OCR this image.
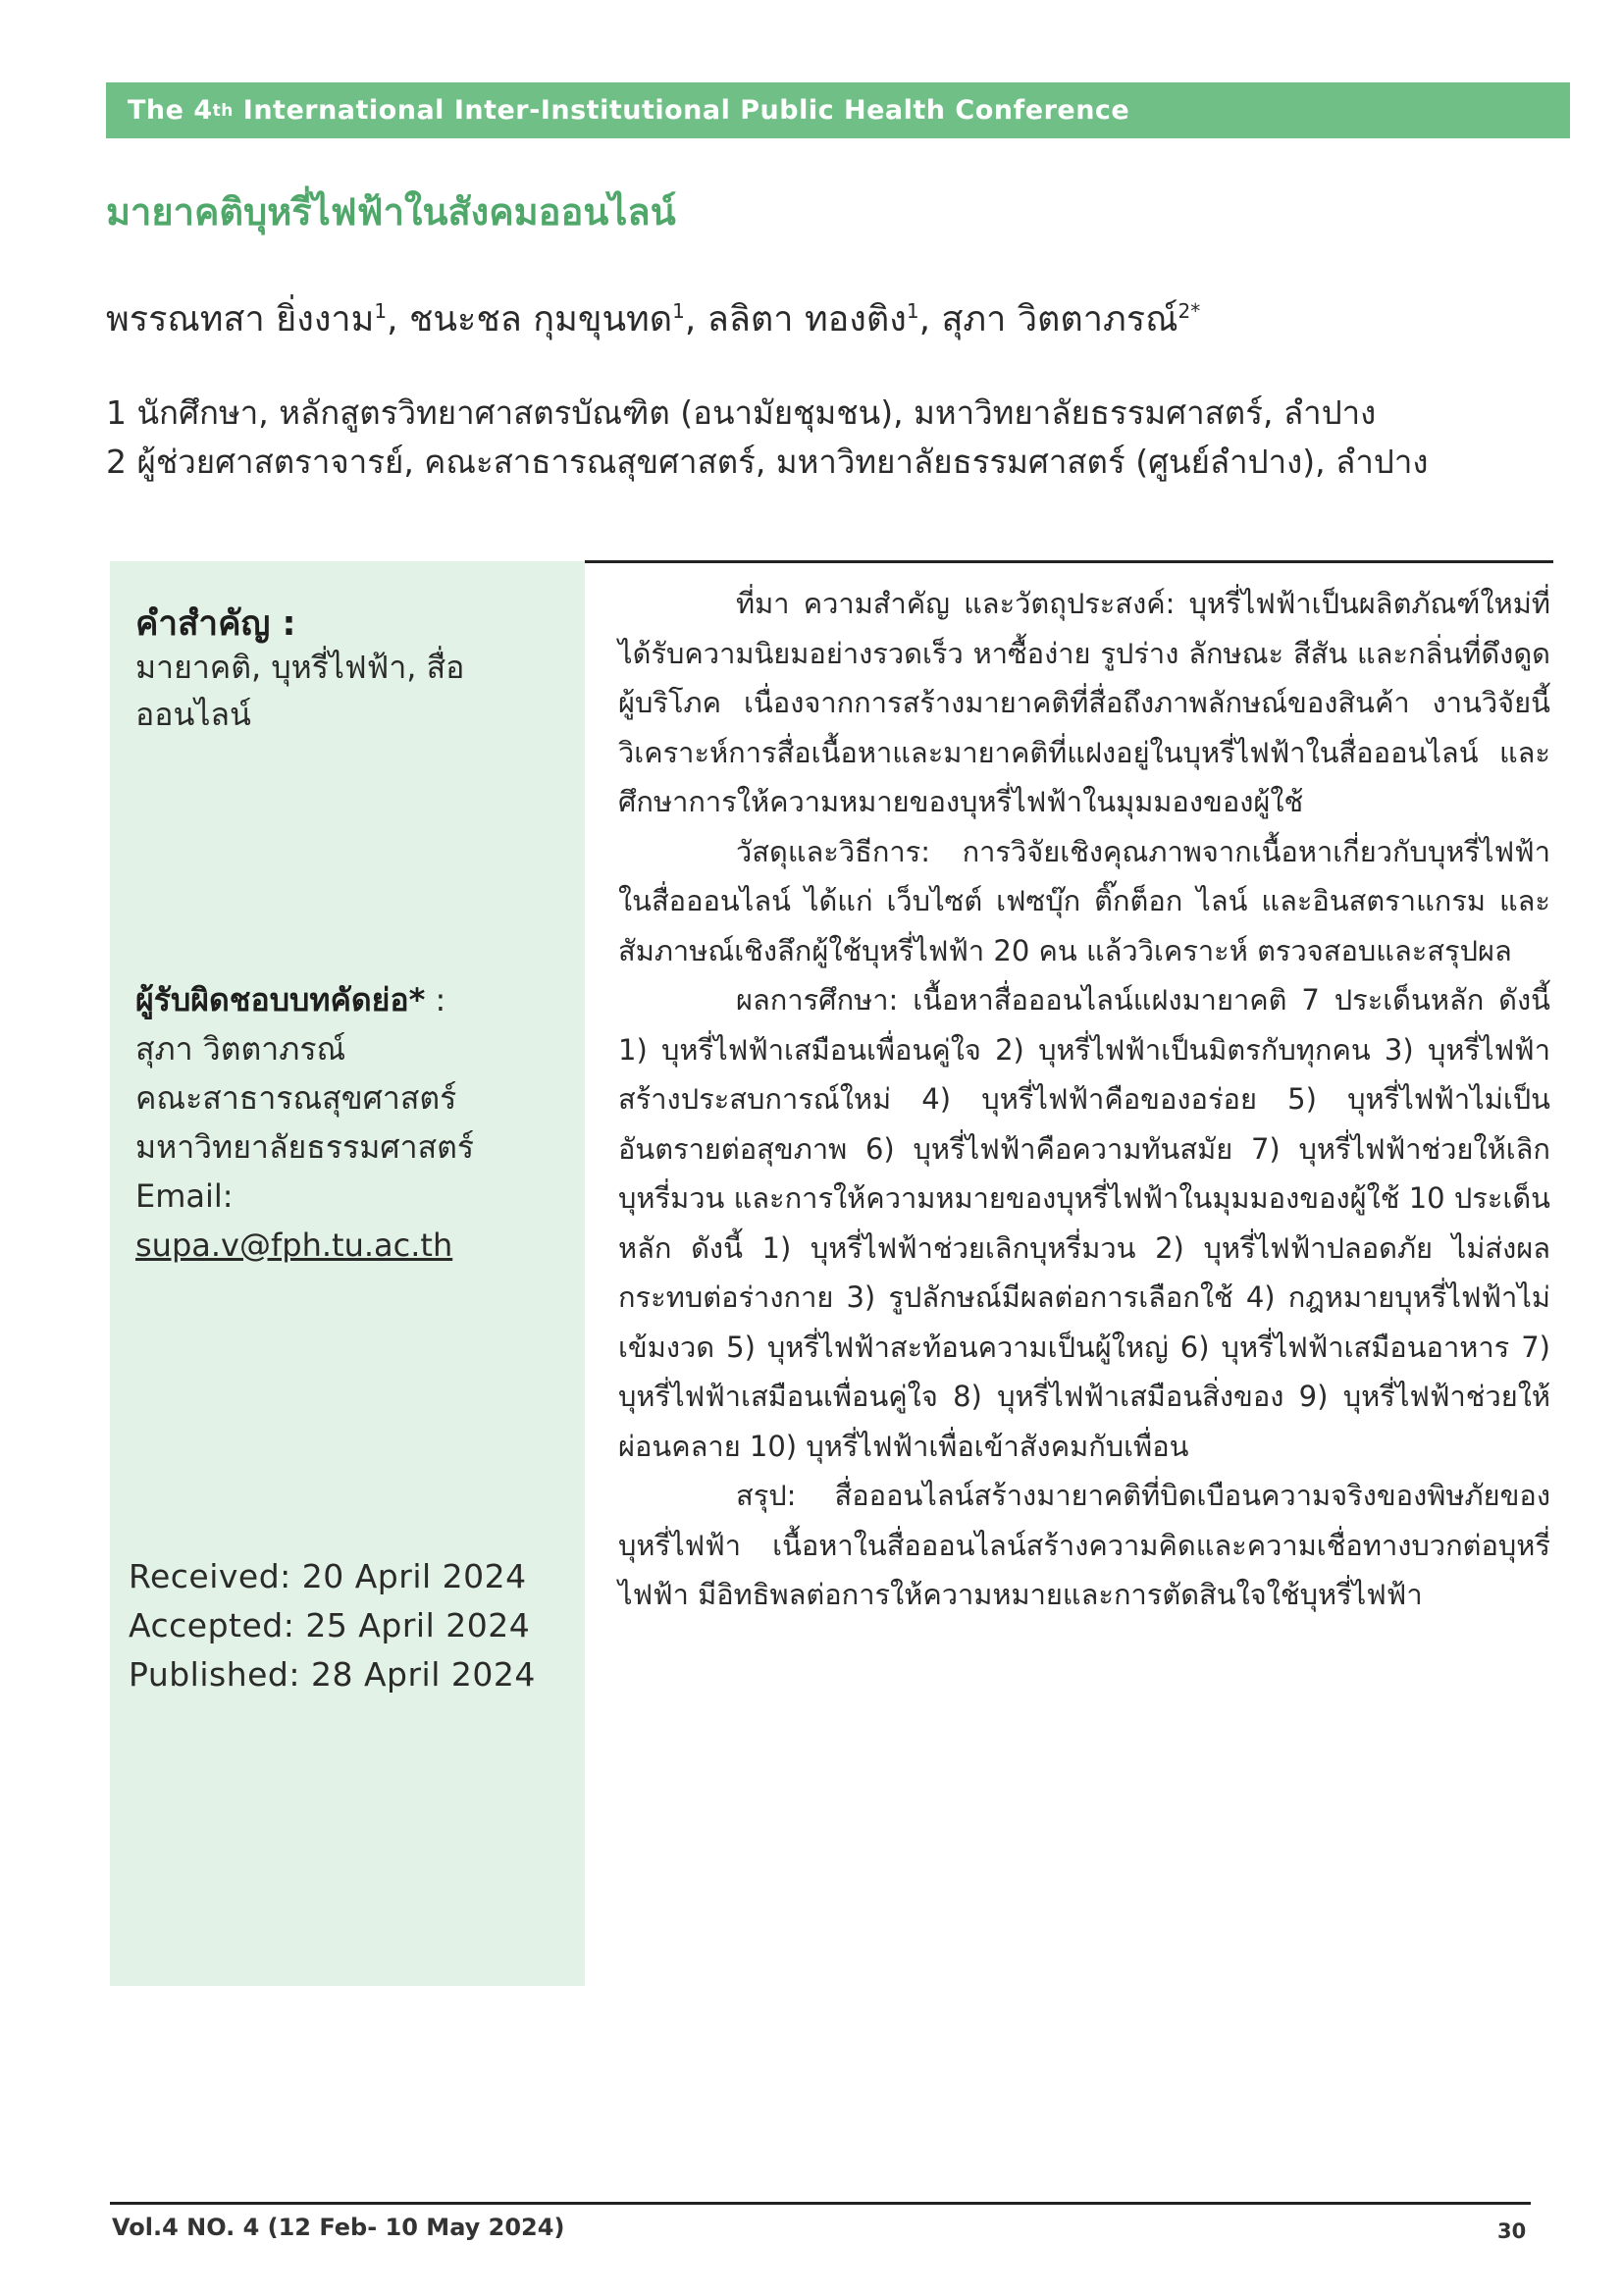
The 4 th International Inter-Institutional Public Health Conference
มายาคติบุหรี่ไฟฟ้าในสังคมออนไลน์

พรรณทสา ยิ่งงาม$^1$, ชนะชล กุมขุนทด$^1$, ลลิตา ทองติง$^1$, สุภา วิตตาภรณ์$^{2*}$

1 นักศึกษา, หลักสูตรวิทยาศาสตรบัณฑิต (อนามัยชุมชน), มหาวิทยาลัยธรรมศาสตร์, ลำปาง
2 ผู้ช่วยศาสตราจารย์, คณะสาธารณสุขศาสตร์, มหาวิทยาลัยธรรมศาสตร์ (ศูนย์ลำปาง), ลำปาง
คำสำคัญ :
มายาคติ, บุหรี่ไฟฟ้า, สื่อออนไลน์
ผู้รับผิดชอบบทคัดย่อ* :
สุภา วิตตาภรณ์
คณะสาธารณสุขศาสตร์
มหาวิทยาลัยธรรมศาสตร์
Email:
supa.v@fph.tu.ac.th
Received: 20 April 2024
Accepted: 25 April 2024
Published: 28 April 2024

ที่มา ความสำคัญ และวัตถุประสงค์: บุหรี่ไฟฟ้าเป็นผลิตภัณฑ์ใหม่ที่ได้รับความนิยมอย่างรวดเร็ว หาซื้อง่าย รูปร่าง ลักษณะ สีสัน และกลิ่นที่ดึงดูดผู้บริโภค เนื่องจากการสร้างมายาคติที่สื่อถึงภาพลักษณ์ของสินค้า งานวิจัยนี้วิเคราะห์การสื่อเนื้อหาและมายาคติที่แฝงอยู่ในบุหรี่ไฟฟ้าในสื่อออนไลน์ และศึกษาการให้ความหมายของบุหรี่ไฟฟ้าในมุมมองของผู้ใช้

วัสดุและวิธีการ: การวิจัยเชิงคุณภาพจากเนื้อหาเกี่ยวกับบุหรี่ไฟฟ้าในสื่อออนไลน์ ได้แก่ เว็บไซต์ เฟซบุ๊ก ติ๊กต็อก ไลน์ และอินสตราแกรม และสัมภาษณ์เชิงลึกผู้ใช้บุหรี่ไฟฟ้า 20 คน แล้ววิเคราะห์ ตรวจสอบและสรุปผล

ผลการศึกษา: เนื้อหาสื่อออนไลน์แฝงมายาคติ 7 ประเด็นหลัก ดังนี้ 1) บุหรี่ไฟฟ้าเสมือนเพื่อนคู่ใจ 2) บุหรี่ไฟฟ้าเป็นมิตรกับทุกคน 3) บุหรี่ไฟฟ้าสร้างประสบการณ์ใหม่ 4) บุหรี่ไฟฟ้าคือของอร่อย 5) บุหรี่ไฟฟ้าไม่เป็นอันตรายต่อสุขภาพ 6) บุหรี่ไฟฟ้าคือความทันสมัย 7) บุหรี่ไฟฟ้าช่วยให้เลิกบุหรี่มวน และการให้ความหมายของบุหรี่ไฟฟ้าในมุมมองของผู้ใช้ 10 ประเด็นหลัก ดังนี้ 1) บุหรี่ไฟฟ้าช่วยเลิกบุหรี่มวน 2) บุหรี่ไฟฟ้าปลอดภัย ไม่ส่งผล กระทบต่อร่างกาย 3) รูปลักษณ์มีผลต่อการเลือกใช้ 4) กฎหมายบุหรี่ไฟฟ้าไม่เข้มงวด 5) บุหรี่ไฟฟ้าสะท้อนความเป็นผู้ใหญ่ 6) บุหรี่ไฟฟ้าเสมือนอาหาร 7) บุหรี่ไฟฟ้าเสมือนเพื่อนคู่ใจ 8) บุหรี่ไฟฟ้าเสมือนสิ่งของ 9) บุหรี่ไฟฟ้าช่วยให้ผ่อนคลาย 10) บุหรี่ไฟฟ้าเพื่อเข้าสังคมกับเพื่อน

สรุป: สื่อออนไลน์สร้างมายาคติที่บิดเบือนความจริงของพิษภัยของบุหรี่ไฟฟ้า เนื้อหาในสื่อออนไลน์สร้างความคิดและความเชื่อทางบวกต่อบุหรี่ไฟฟ้า มีอิทธิพลต่อการให้ความหมายและการตัดสินใจใช้บุหรี่ไฟฟ้า

Vol.4 NO. 4 (12 Feb- 10 May 2024)	30
